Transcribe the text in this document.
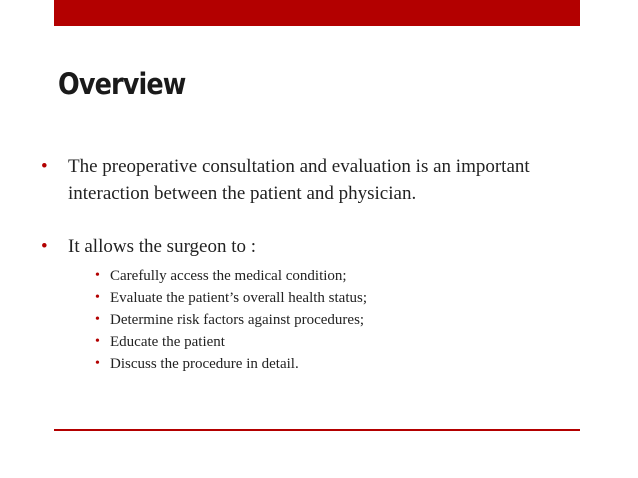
Overview
•	The preoperative consultation and evaluation is an important interaction between the patient and physician.
•	It allows the surgeon to :
• Carefully access the medical condition;
• Evaluate the patient’s overall health status;
• Determine risk factors against procedures;
• Educate the patient
• Discuss the procedure in detail.
